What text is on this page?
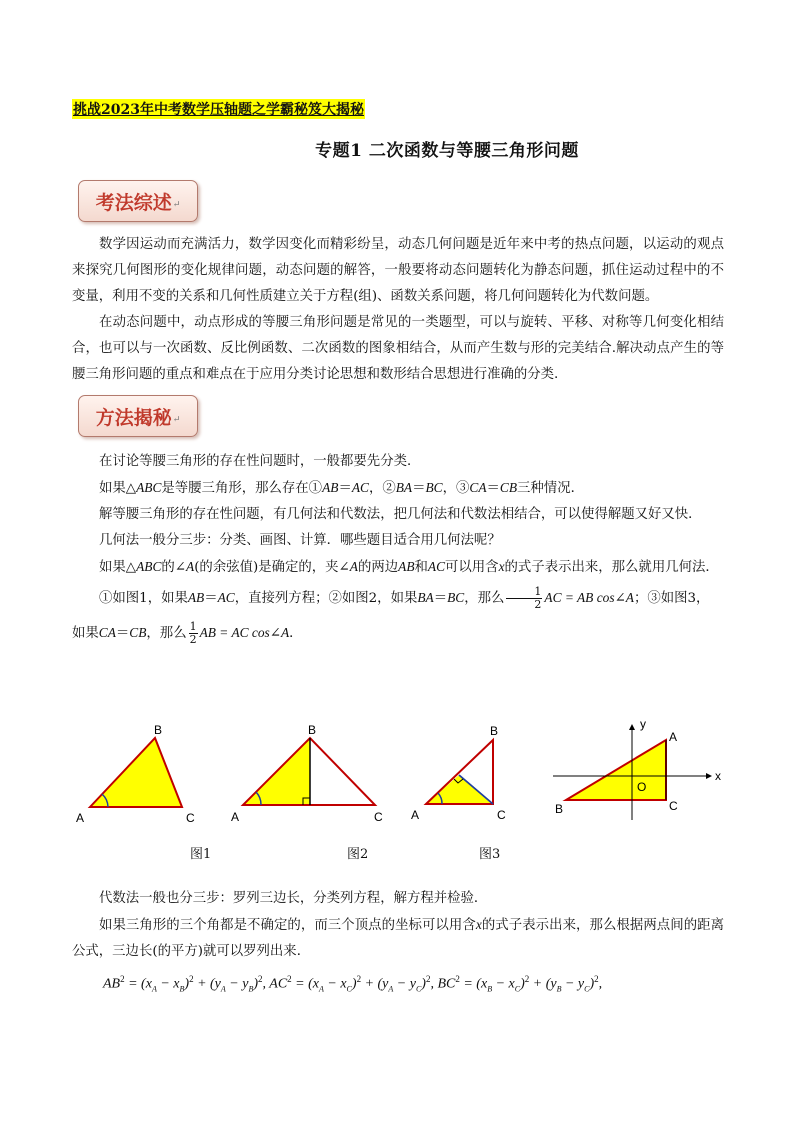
挑战2023年中考数学压轴题之学霸秘笈大揭秘
专题1 二次函数与等腰三角形问题
考法综述 ↵

数学因运动而充满活力，数学因变化而精彩纷呈，动态几何问题是近年来中考的热点问题，以运动的观点来探究几何图形的变化规律问题，动态问题的解答，一般要将动态问题转化为静态问题，抓住运动过程中的不变量，利用不变的关系和几何性质建立关于方程(组)、函数关系问题，将几何问题转化为代数问题。

在动态问题中，动点形成的等腰三角形问题是常见的一类题型，可以与旋转、平移、对称等几何变化相结合，也可以与一次函数、反比例函数、二次函数的图象相结合，从而产生数与形的完美结合.解决动点产生的等腰三角形问题的重点和难点在于应用分类讨论思想和数形结合思想进行准确的分类.

方法揭秘 ↵

在讨论等腰三角形的存在性问题时，一般都要先分类．

如果△ABC是等腰三角形，那么存在①AB＝AC，②BA＝BC，③CA＝CB三种情况．

解等腰三角形的存在性问题，有几何法和代数法，把几何法和代数法相结合，可以使得解题又好又快．

几何法一般分三步：分类、画图、计算．哪些题目适合用几何法呢？

如果△ABC的∠A(的余弦值)是确定的，夹∠A的两边AB和AC可以用含x的式子表示出来，那么就用几何法．

①如图1，如果AB＝AC，直接列方程；②如图2，如果BA＝BC，那么 $\frac{1}{2}$ AC = AB cos∠A；③如图3，

如果CA＝CB，那么 $\frac{1}{2}$ AB = AC cos∠A．

A
B
C
图1
A
B
C
图2
A
B
C
图3
y
x
O
A
B	C

代数法一般也分三步：罗列三边长，分类列方程，解方程并检验．

如果三角形的三个角都是不确定的，而三个顶点的坐标可以用含x的式子表示出来，那么根据两点间的距离公式，三边长(的平方)就可以罗列出来．

$AB^2 = (x_A - x_B)^2 + (y_A - y_B)^2$, $AC^2 = (x_A - x_C)^2 + (y_A - y_C)^2$, $BC^2 = (x_B - x_C)^2 + (y_B - y_C)^2$,
